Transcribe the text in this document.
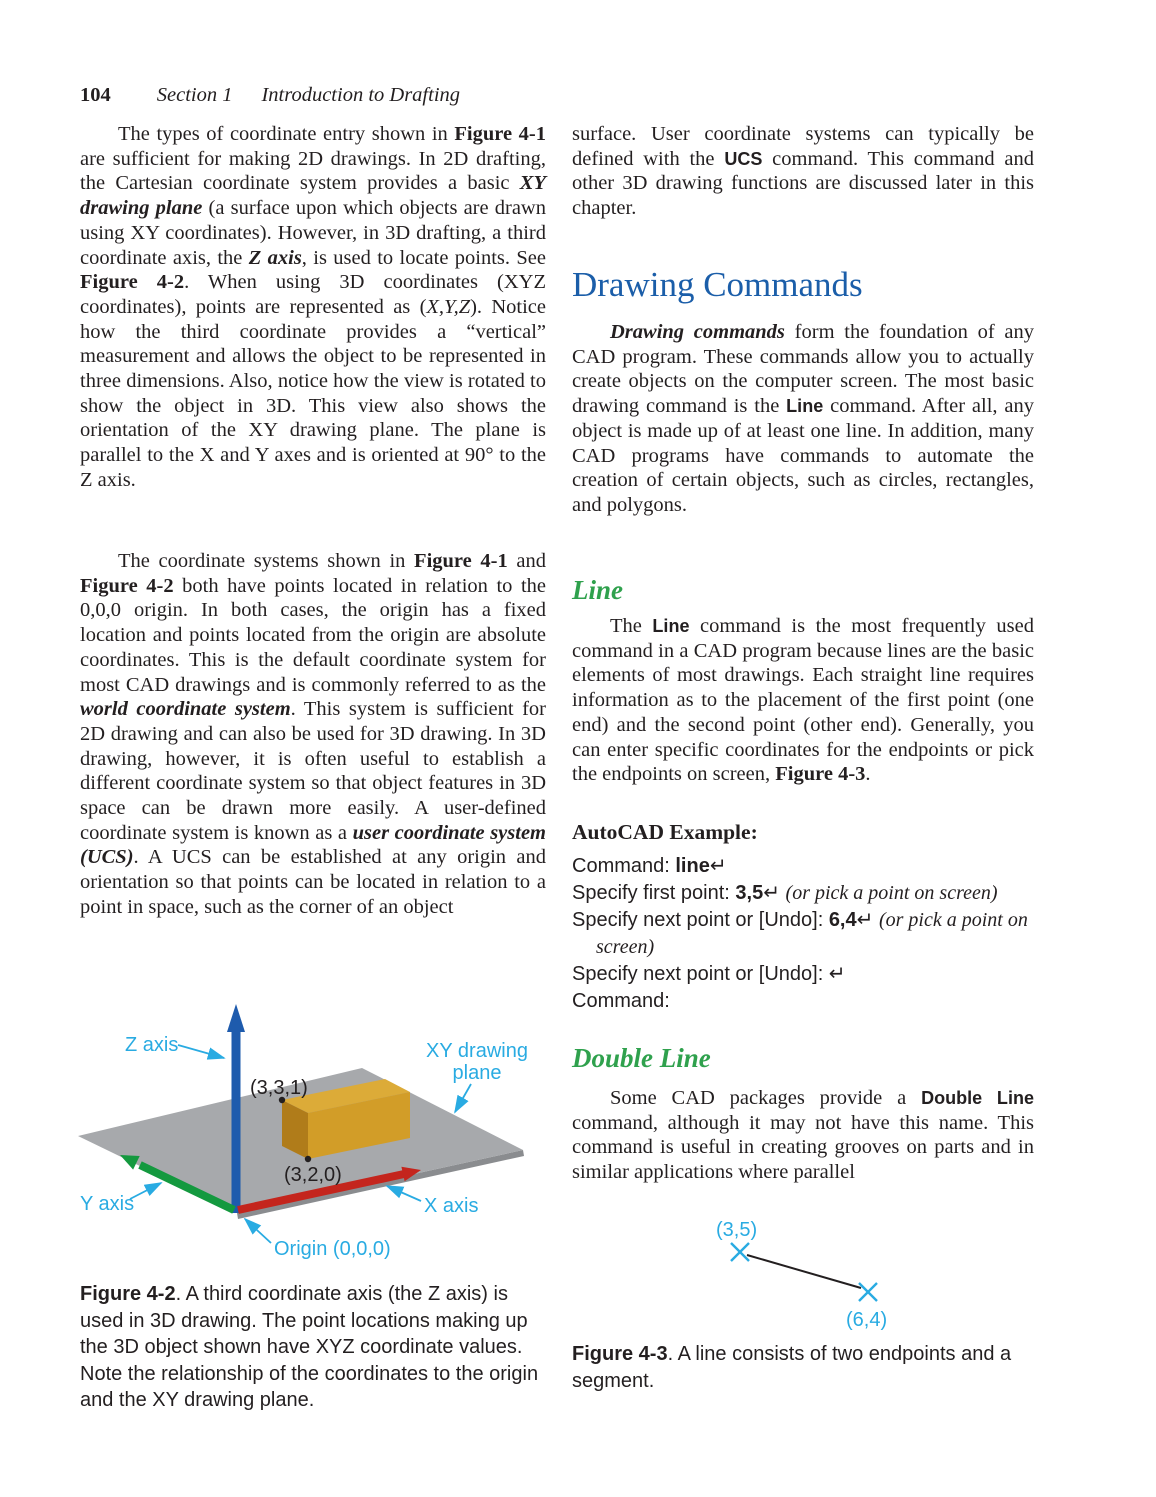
104 Section 1 Introduction to Drafting
The types of coordinate entry shown in Figure 4-1 are sufficient for making 2D drawings. In 2D drafting, the Cartesian coordinate system provides a basic XY drawing plane (a surface upon which objects are drawn using XY coordinates). However, in 3D drafting, a third coordinate axis, the Z axis, is used to locate points. See Figure 4-2. When using 3D coordinates (XYZ coordinates), points are represented as (X,Y,Z). Notice how the third coordinate provides a “vertical” measurement and allows the object to be represented in three dimensions. Also, notice how the view is rotated to show the object in 3D. This view also shows the orientation of the XY drawing plane. The plane is parallel to the X and Y axes and is oriented at 90° to the Z axis.
The coordinate systems shown in Figure 4-1 and Figure 4-2 both have points located in relation to the 0,0,0 origin. In both cases, the origin has a fixed location and points located from the origin are absolute coordinates. This is the default coordinate system for most CAD drawings and is commonly referred to as the world coordinate system. This system is sufficient for 2D drawing and can also be used for 3D drawing. In 3D drawing, however, it is often useful to establish a different coordinate system so that object features in 3D space can be drawn more easily. A user-defined coordinate system is known as a user coordinate system (UCS). A UCS can be established at any origin and orientation so that points can be located in relation to a point in space, such as the corner of an object
Z axis	XY drawing
plane
Y axis	X axis
Origin (0,0,0)
(3,3,1)
(3,2,0)
Figure 4-2. A third coordinate axis (the Z axis) is used in 3D drawing. The point locations making up the 3D object shown have XYZ coordinate values. Note the relationship of the coordinates to the origin and the XY drawing plane.
surface. User coordinate systems can typically be defined with the UCS command. This command and other 3D drawing functions are discussed later in this chapter.
Drawing Commands
Drawing commands form the foundation of any CAD program. These commands allow you to actually create objects on the computer screen. The most basic drawing command is the Line command. After all, any object is made up of at least one line. In addition, many CAD programs have commands to automate the creation of certain objects, such as circles, rectangles, and polygons.
Line
The Line command is the most frequently used command in a CAD program because lines are the basic elements of most drawings. Each straight line requires information as to the placement of the first point (one end) and the second point (other end). Generally, you can enter specific coordinates for the endpoints or pick the endpoints on screen, Figure 4-3.
AutoCAD Example:
Command: line↵
Specify first point: 3,5↵ (or pick a point on screen)
Specify next point or [Undo]: 6,4↵ (or pick a point on screen)
Specify next point or [Undo]: ↵
Command:
Double Line
Some CAD packages provide a Double Line command, although it may not have this name. This command is useful in creating grooves on parts and in similar applications where parallel
(3,5)
(6,4)
Figure 4-3. A line consists of two endpoints and a segment.
